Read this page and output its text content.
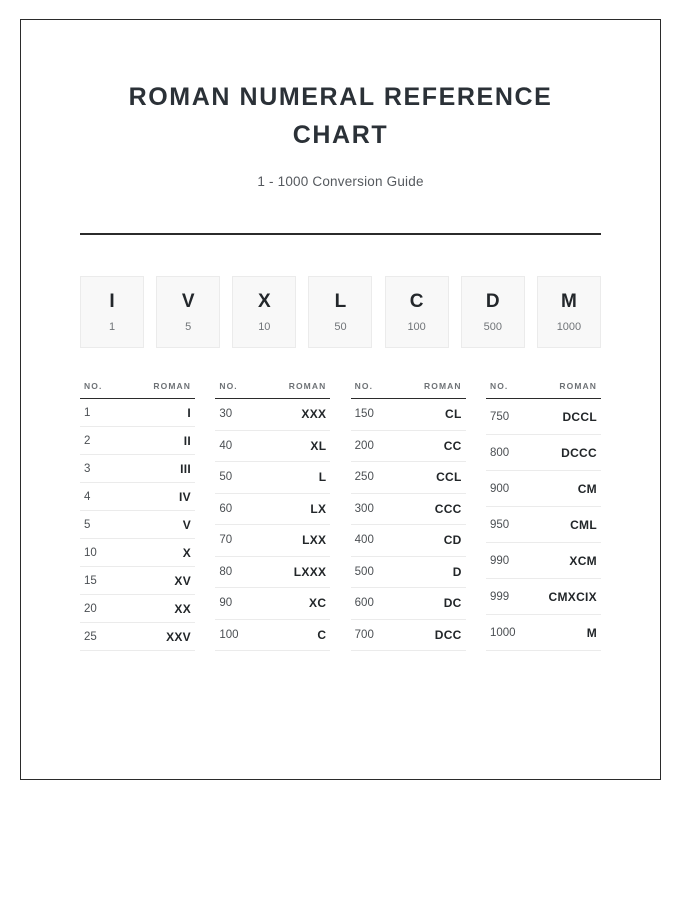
ROMAN NUMERAL REFERENCE CHART
1 - 1000 Conversion Guide
I
1
V
5
X
10
L
50
C
100
D
500
M
1000
NO.	ROMAN
1	I
2	II
3	III
4	IV
5	V
10	X
15	XV
20	XX
25	XXV
NO.	ROMAN
30	XXX
40	XL
50	L
60	LX
70	LXX
80	LXXX
90	XC
100	C
NO.	ROMAN
150	CL
200	CC
250	CCL
300	CCC
400	CD
500	D
600	DC
700	DCC
NO.	ROMAN
750	DCCL
800	DCCC
900	CM
950	CML
990	XCM
999	CMXCIX
1000	M
